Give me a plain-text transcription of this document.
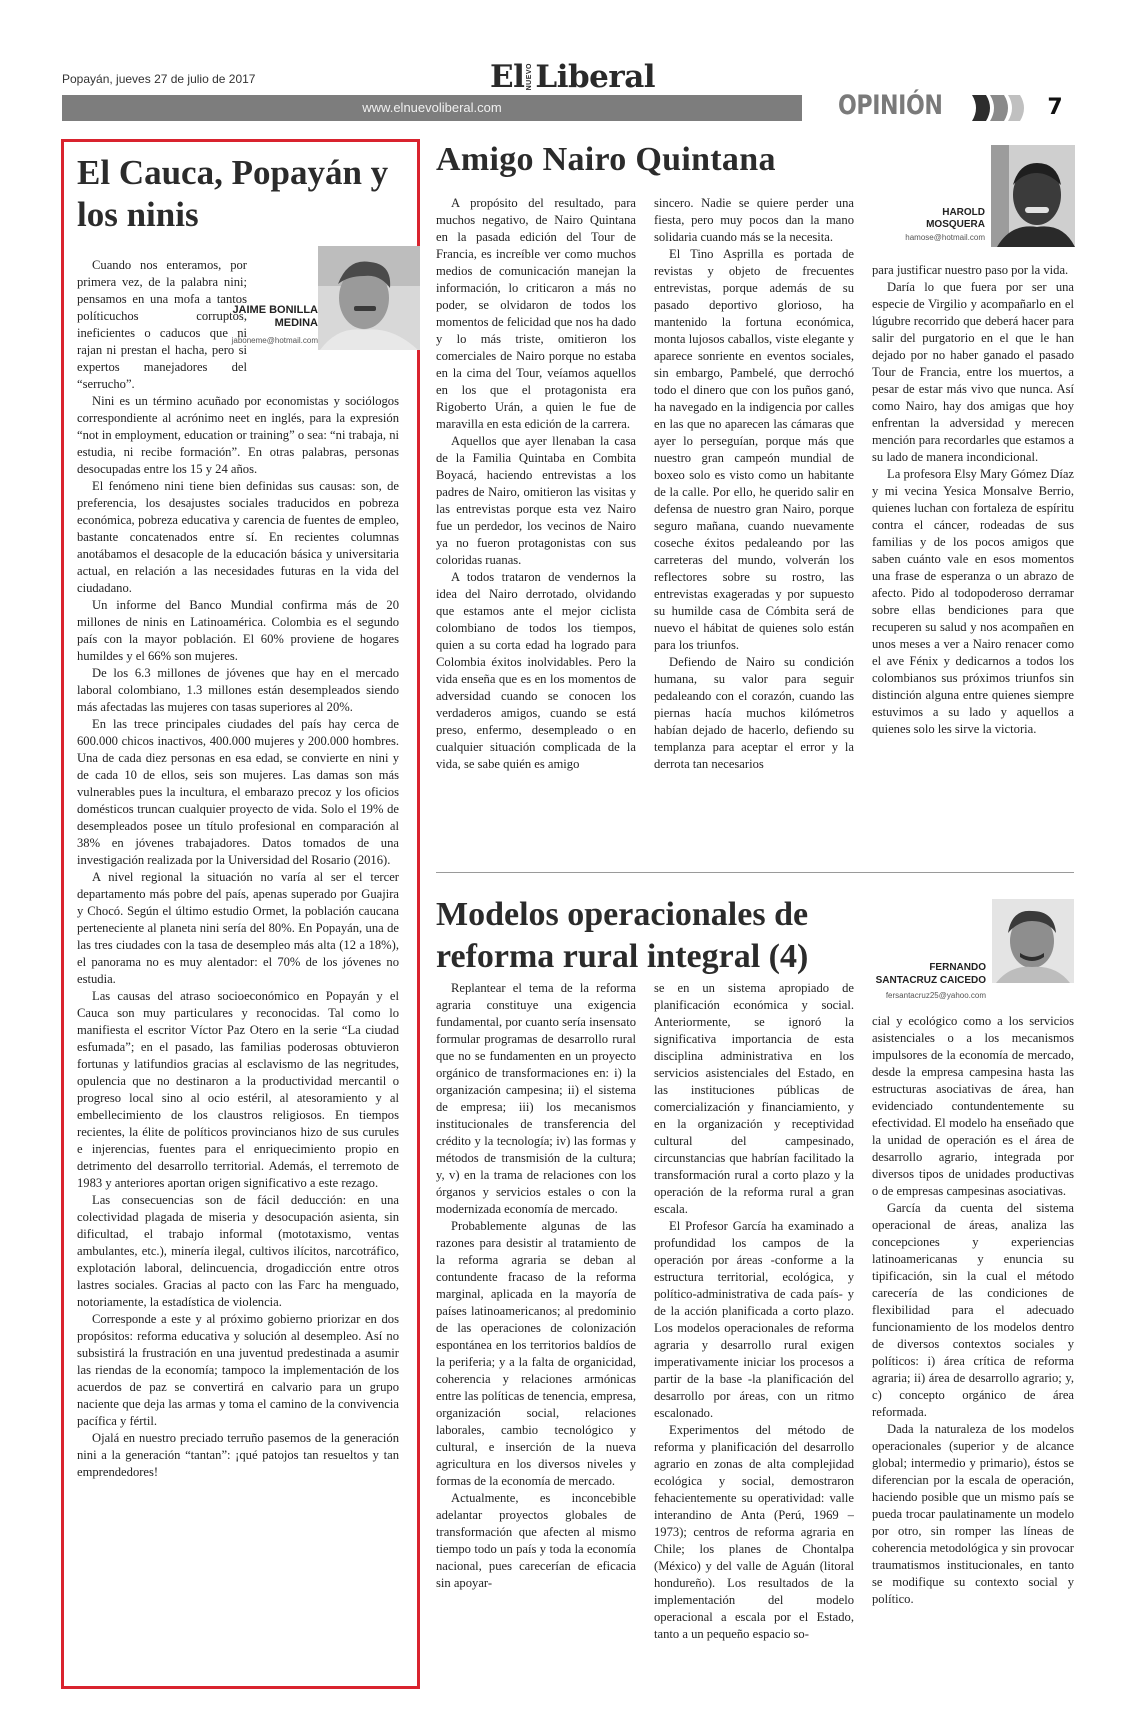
Popayán, jueves 27 de julio de 2017	El NUEVO Liberal
www.elnuevoliberal.com	OPINIÓN	7
El Cauca, Popayán y los ninis
JAIME BONILLA MEDINA
jaboneme@hotmail.com

Cuando nos enteramos, por primera vez, de la palabra nini; pensamos en una mofa a tantos políticuchos corruptos, ineficientes o caducos que ni rajan ni prestan el hacha, pero si expertos manejadores del “serrucho”.

Nini es un término acuñado por economistas y sociólogos correspondiente al acrónimo neet en inglés, para la expresión “not in employment, education or training” o sea: “ni trabaja, ni estudia, ni recibe formación”. En otras palabras, personas desocupadas entre los 15 y 24 años.

El fenómeno nini tiene bien definidas sus causas: son, de preferencia, los desajustes sociales traducidos en pobreza económica, pobreza educativa y carencia de fuentes de empleo, bastante concatenados entre sí. En recientes columnas anotábamos el desacople de la educación básica y universitaria actual, en relación a las necesidades futuras en la vida del ciudadano.

Un informe del Banco Mundial confirma más de 20 millones de ninis en Latinoamérica. Colombia es el segundo país con la mayor población. El 60% proviene de hogares humildes y el 66% son mujeres.

De los 6.3 millones de jóvenes que hay en el mercado laboral colombiano, 1.3 millones están desempleados siendo más afectadas las mujeres con tasas superiores al 20%.

En las trece principales ciudades del país hay cerca de 600.000 chicos inactivos, 400.000 mujeres y 200.000 hombres. Una de cada diez personas en esa edad, se convierte en nini y de cada 10 de ellos, seis son mujeres. Las damas son más vulnerables pues la incultura, el embarazo precoz y los oficios domésticos truncan cualquier proyecto de vida. Solo el 19% de desempleados posee un título profesional en comparación al 38% en jóvenes trabajadores. Datos tomados de una investigación realizada por la Universidad del Rosario (2016).

A nivel regional la situación no varía al ser el tercer departamento más pobre del país, apenas superado por Guajira y Chocó. Según el último estudio Ormet, la población caucana perteneciente al planeta nini sería del 80%. En Popayán, una de las tres ciudades con la tasa de desempleo más alta (12 a 18%), el panorama no es muy alentador: el 70% de los jóvenes no estudia.

Las causas del atraso socioeconómico en Popayán y el Cauca son muy particulares y reconocidas. Tal como lo manifiesta el escritor Víctor Paz Otero en la serie “La ciudad esfumada”; en el pasado, las familias poderosas obtuvieron fortunas y latifundios gracias al esclavismo de las negritudes, opulencia que no destinaron a la productividad mercantil o progreso local sino al ocio estéril, al atesoramiento y al embellecimiento de los claustros religiosos. En tiempos recientes, la élite de políticos provincianos hizo de sus curules e injerencias, fuentes para el enriquecimiento propio en detrimento del desarrollo territorial. Además, el terremoto de 1983 y anteriores aportan origen significativo a este rezago.

Las consecuencias son de fácil deducción: en una colectividad plagada de miseria y desocupación asienta, sin dificultad, el trabajo informal (mototaxismo, ventas ambulantes, etc.), minería ilegal, cultivos ilícitos, narcotráfico, explotación laboral, delincuencia, drogadicción entre otros lastres sociales. Gracias al pacto con las Farc ha menguado, notoriamente, la estadística de violencia.

Corresponde a este y al próximo gobierno priorizar en dos propósitos: reforma educativa y solución al desempleo. Así no subsistirá la frustración en una juventud predestinada a asumir las riendas de la economía; tampoco la implementación de los acuerdos de paz se convertirá en calvario para un grupo naciente que deja las armas y toma el camino de la convivencia pacífica y fértil.

Ojalá en nuestro preciado terruño pasemos de la generación nini a la generación “tantan”: ¡qué patojos tan resueltos y tan emprendedores!

Amigo Nairo Quintana
HAROLD MOSQUERA
hamose@hotmail.com

A propósito del resultado, para muchos negativo, de Nairo Quintana en la pasada edición del Tour de Francia, es increíble ver como muchos medios de comunicación manejan la información, lo criticaron a más no poder, se olvidaron de todos los momentos de felicidad que nos ha dado y lo más triste, omitieron los comerciales de Nairo porque no estaba en la cima del Tour, veíamos aquellos en los que el protagonista era Rigoberto Urán, a quien le fue de maravilla en esta edición de la carrera.

Aquellos que ayer llenaban la casa de la Familia Quintaba en Combita Boyacá, haciendo entrevistas a los padres de Nairo, omitieron las visitas y las entrevistas porque esta vez Nairo fue un perdedor, los vecinos de Nairo ya no fueron protagonistas con sus coloridas ruanas.

A todos trataron de vendernos la idea del Nairo derrotado, olvidando que estamos ante el mejor ciclista colombiano de todos los tiempos, quien a su corta edad ha logrado para Colombia éxitos inolvidables. Pero la vida enseña que es en los momentos de adversidad cuando se conocen los verdaderos amigos, cuando se está preso, enfermo, desempleado o en cualquier situación complicada de la vida, se sabe quién es amigo

sincero. Nadie se quiere perder una fiesta, pero muy pocos dan la mano solidaria cuando más se la necesita.

El Tino Asprilla es portada de revistas y objeto de frecuentes entrevistas, porque además de su pasado deportivo glorioso, ha mantenido la fortuna económica, monta lujosos caballos, viste elegante y aparece sonriente en eventos sociales, sin embargo, Pambelé, que derrochó todo el dinero que con los puños ganó, ha navegado en la indigencia por calles en las que no aparecen las cámaras que ayer lo perseguían, porque más que nuestro gran campeón mundial de boxeo solo es visto como un habitante de la calle. Por ello, he querido salir en defensa de nuestro gran Nairo, porque seguro mañana, cuando nuevamente coseche éxitos pedaleando por las carreteras del mundo, volverán los reflectores sobre su rostro, las entrevistas exageradas y por supuesto su humilde casa de Cómbita será de nuevo el hábitat de quienes solo están para los triunfos.

Defiendo de Nairo su condición humana, su valor para seguir pedaleando con el corazón, cuando las piernas hacía muchos kilómetros habían dejado de hacerlo, defiendo su templanza para aceptar el error y la derrota tan necesarios

para justificar nuestro paso por la vida.

Daría lo que fuera por ser una especie de Virgilio y acompañarlo en el lúgubre recorrido que deberá hacer para salir del purgatorio en el que le han dejado por no haber ganado el pasado Tour de Francia, entre los muertos, a pesar de estar más vivo que nunca. Así como Nairo, hay dos amigas que hoy enfrentan la adversidad y merecen mención para recordarles que estamos a su lado de manera incondicional.

La profesora Elsy Mary Gómez Díaz y mi vecina Yesica Monsalve Berrio, quienes luchan con fortaleza de espíritu contra el cáncer, rodeadas de sus familias y de los pocos amigos que saben cuánto vale en esos momentos una frase de esperanza o un abrazo de afecto. Pido al todopoderoso derramar sobre ellas bendiciones para que recuperen su salud y nos acompañen en unos meses a ver a Nairo renacer como el ave Fénix y dedicarnos a todos los colombianos sus próximos triunfos sin distinción alguna entre quienes siempre estuvimos a su lado y aquellos a quienes solo les sirve la victoria.

Modelos operacionales de reforma rural integral (4)	FERNANDO SANTACRUZ CAICEDO
fersantacruz25@yahoo.com

Replantear el tema de la reforma agraria constituye una exigencia fundamental, por cuanto sería insensato formular programas de desarrollo rural que no se fundamenten en un proyecto orgánico de transformaciones en: i) la organización campesina; ii) el sistema de empresa; iii) los mecanismos institucionales de transferencia del crédito y la tecnología; iv) las formas y métodos de transmisión de la cultura; y, v) en la trama de relaciones con los órganos y servicios estales o con la modernizada economía de mercado.

Probablemente algunas de las razones para desistir al tratamiento de la reforma agraria se deban al contundente fracaso de la reforma marginal, aplicada en la mayoría de países latinoamericanos; al predominio de las operaciones de colonización espontánea en los territorios baldíos de la periferia; y a la falta de organicidad, coherencia y relaciones armónicas entre las políticas de tenencia, empresa, organización social, relaciones laborales, cambio tecnológico y cultural, e inserción de la nueva agricultura en los diversos niveles y formas de la economía de mercado.

Actualmente, es inconcebible adelantar proyectos globales de transformación que afecten al mismo tiempo todo un país y toda la economía nacional, pues carecerían de eficacia sin apoyar-

se en un sistema apropiado de planificación económica y social. Anteriormente, se ignoró la significativa importancia de esta disciplina administrativa en los servicios asistenciales del Estado, en las instituciones públicas de comercialización y financiamiento, y en la organización y receptividad cultural del campesinado, circunstancias que habrían facilitado la transformación rural a corto plazo y la operación de la reforma rural a gran escala.

El Profesor García ha examinado a profundidad los campos de la operación por áreas -conforme a la estructura territorial, ecológica, y político-administrativa de cada país- y de la acción planificada a corto plazo. Los modelos operacionales de reforma agraria y desarrollo rural exigen imperativamente iniciar los procesos a partir de la base -la planificación del desarrollo por áreas, con un ritmo escalonado.

Experimentos del método de reforma y planificación del desarrollo agrario en zonas de alta complejidad ecológica y social, demostraron fehacientemente su operatividad: valle interandino de Anta (Perú, 1969 – 1973); centros de reforma agraria en Chile; los planes de Chontalpa (México) y del valle de Aguán (litoral hondureño). Los resultados de la implementación del modelo operacional a escala por el Estado, tanto a un pequeño espacio so-

cial y ecológico como a los servicios asistenciales o a los mecanismos impulsores de la economía de mercado, desde la empresa campesina hasta las estructuras asociativas de área, han evidenciado contundentemente su efectividad. El modelo ha enseñado que la unidad de operación es el área de desarrollo agrario, integrada por diversos tipos de unidades productivas o de empresas campesinas asociativas.

García da cuenta del sistema operacional de áreas, analiza las concepciones y experiencias latinoamericanas y enuncia su tipificación, sin la cual el método carecería de las condiciones de flexibilidad para el adecuado funcionamiento de los modelos dentro de diversos contextos sociales y políticos: i) área crítica de reforma agraria; ii) área de desarrollo agrario; y, c) concepto orgánico de área reformada.

Dada la naturaleza de los modelos operacionales (superior y de alcance global; intermedio y primario), éstos se diferencian por la escala de operación, haciendo posible que un mismo país se pueda trocar paulatinamente un modelo por otro, sin romper las líneas de coherencia metodológica y sin provocar traumatismos institucionales, en tanto se modifique su contexto social y político.
